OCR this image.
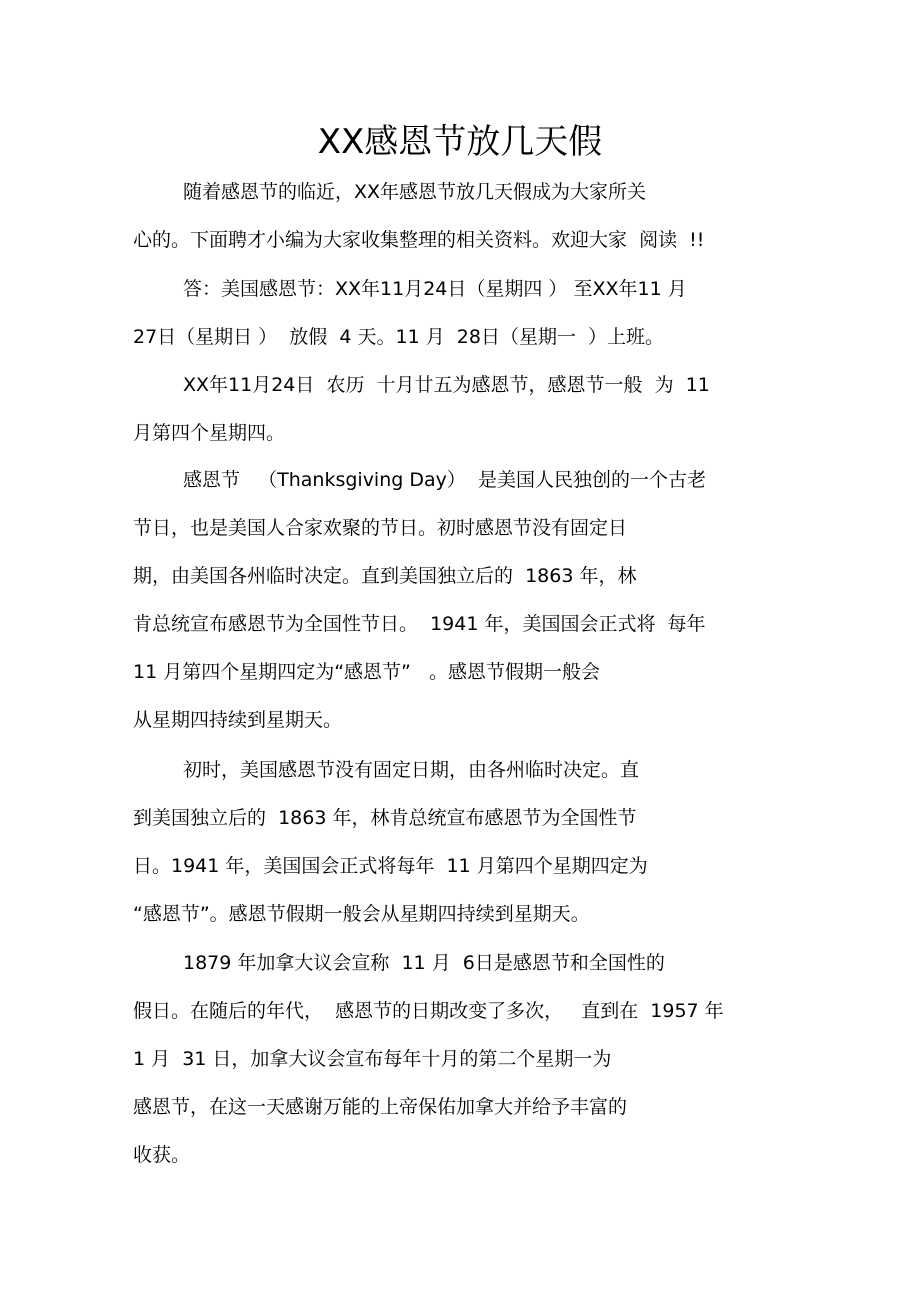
XX感恩节放几天假
随着感恩节的临近，XX年感恩节放几天假成为大家所关
心的。下面聘才小编为大家收集整理的相关资料。欢迎大家  阅读  !!
答：美国感恩节：XX年11月24日（星期四 ） 至XX年11 月
27日（星期日 ）  放假  4 天。11 月  28日（星期一  ）上班。
XX年11月24日  农历  十月廿五为感恩节，感恩节一般  为  11
月第四个星期四。
感恩节   （Thanksgiving Day）  是美国人民独创的一个古老
节日，也是美国人合家欢聚的节日。初时感恩节没有固定日
期，由美国各州临时决定。直到美国独立后的  1863 年，林
肯总统宣布感恩节为全国性节日。  1941 年，美国国会正式将  每年
11 月第四个星期四定为“感恩节”   。感恩节假期一般会
从星期四持续到星期天。
初时，美国感恩节没有固定日期，由各州临时决定。直
到美国独立后的  1863 年，林肯总统宣布感恩节为全国性节
日。1941 年，美国国会正式将每年  11 月第四个星期四定为
“感恩节”。感恩节假期一般会从星期四持续到星期天。
1879 年加拿大议会宣称  11 月  6日是感恩节和全国性的
假日。在随后的年代，  感恩节的日期改变了多次，   直到在  1957 年
1 月  31 日，加拿大议会宣布每年十月的第二个星期一为
感恩节，在这一天感谢万能的上帝保佑加拿大并给予丰富的
收获。
